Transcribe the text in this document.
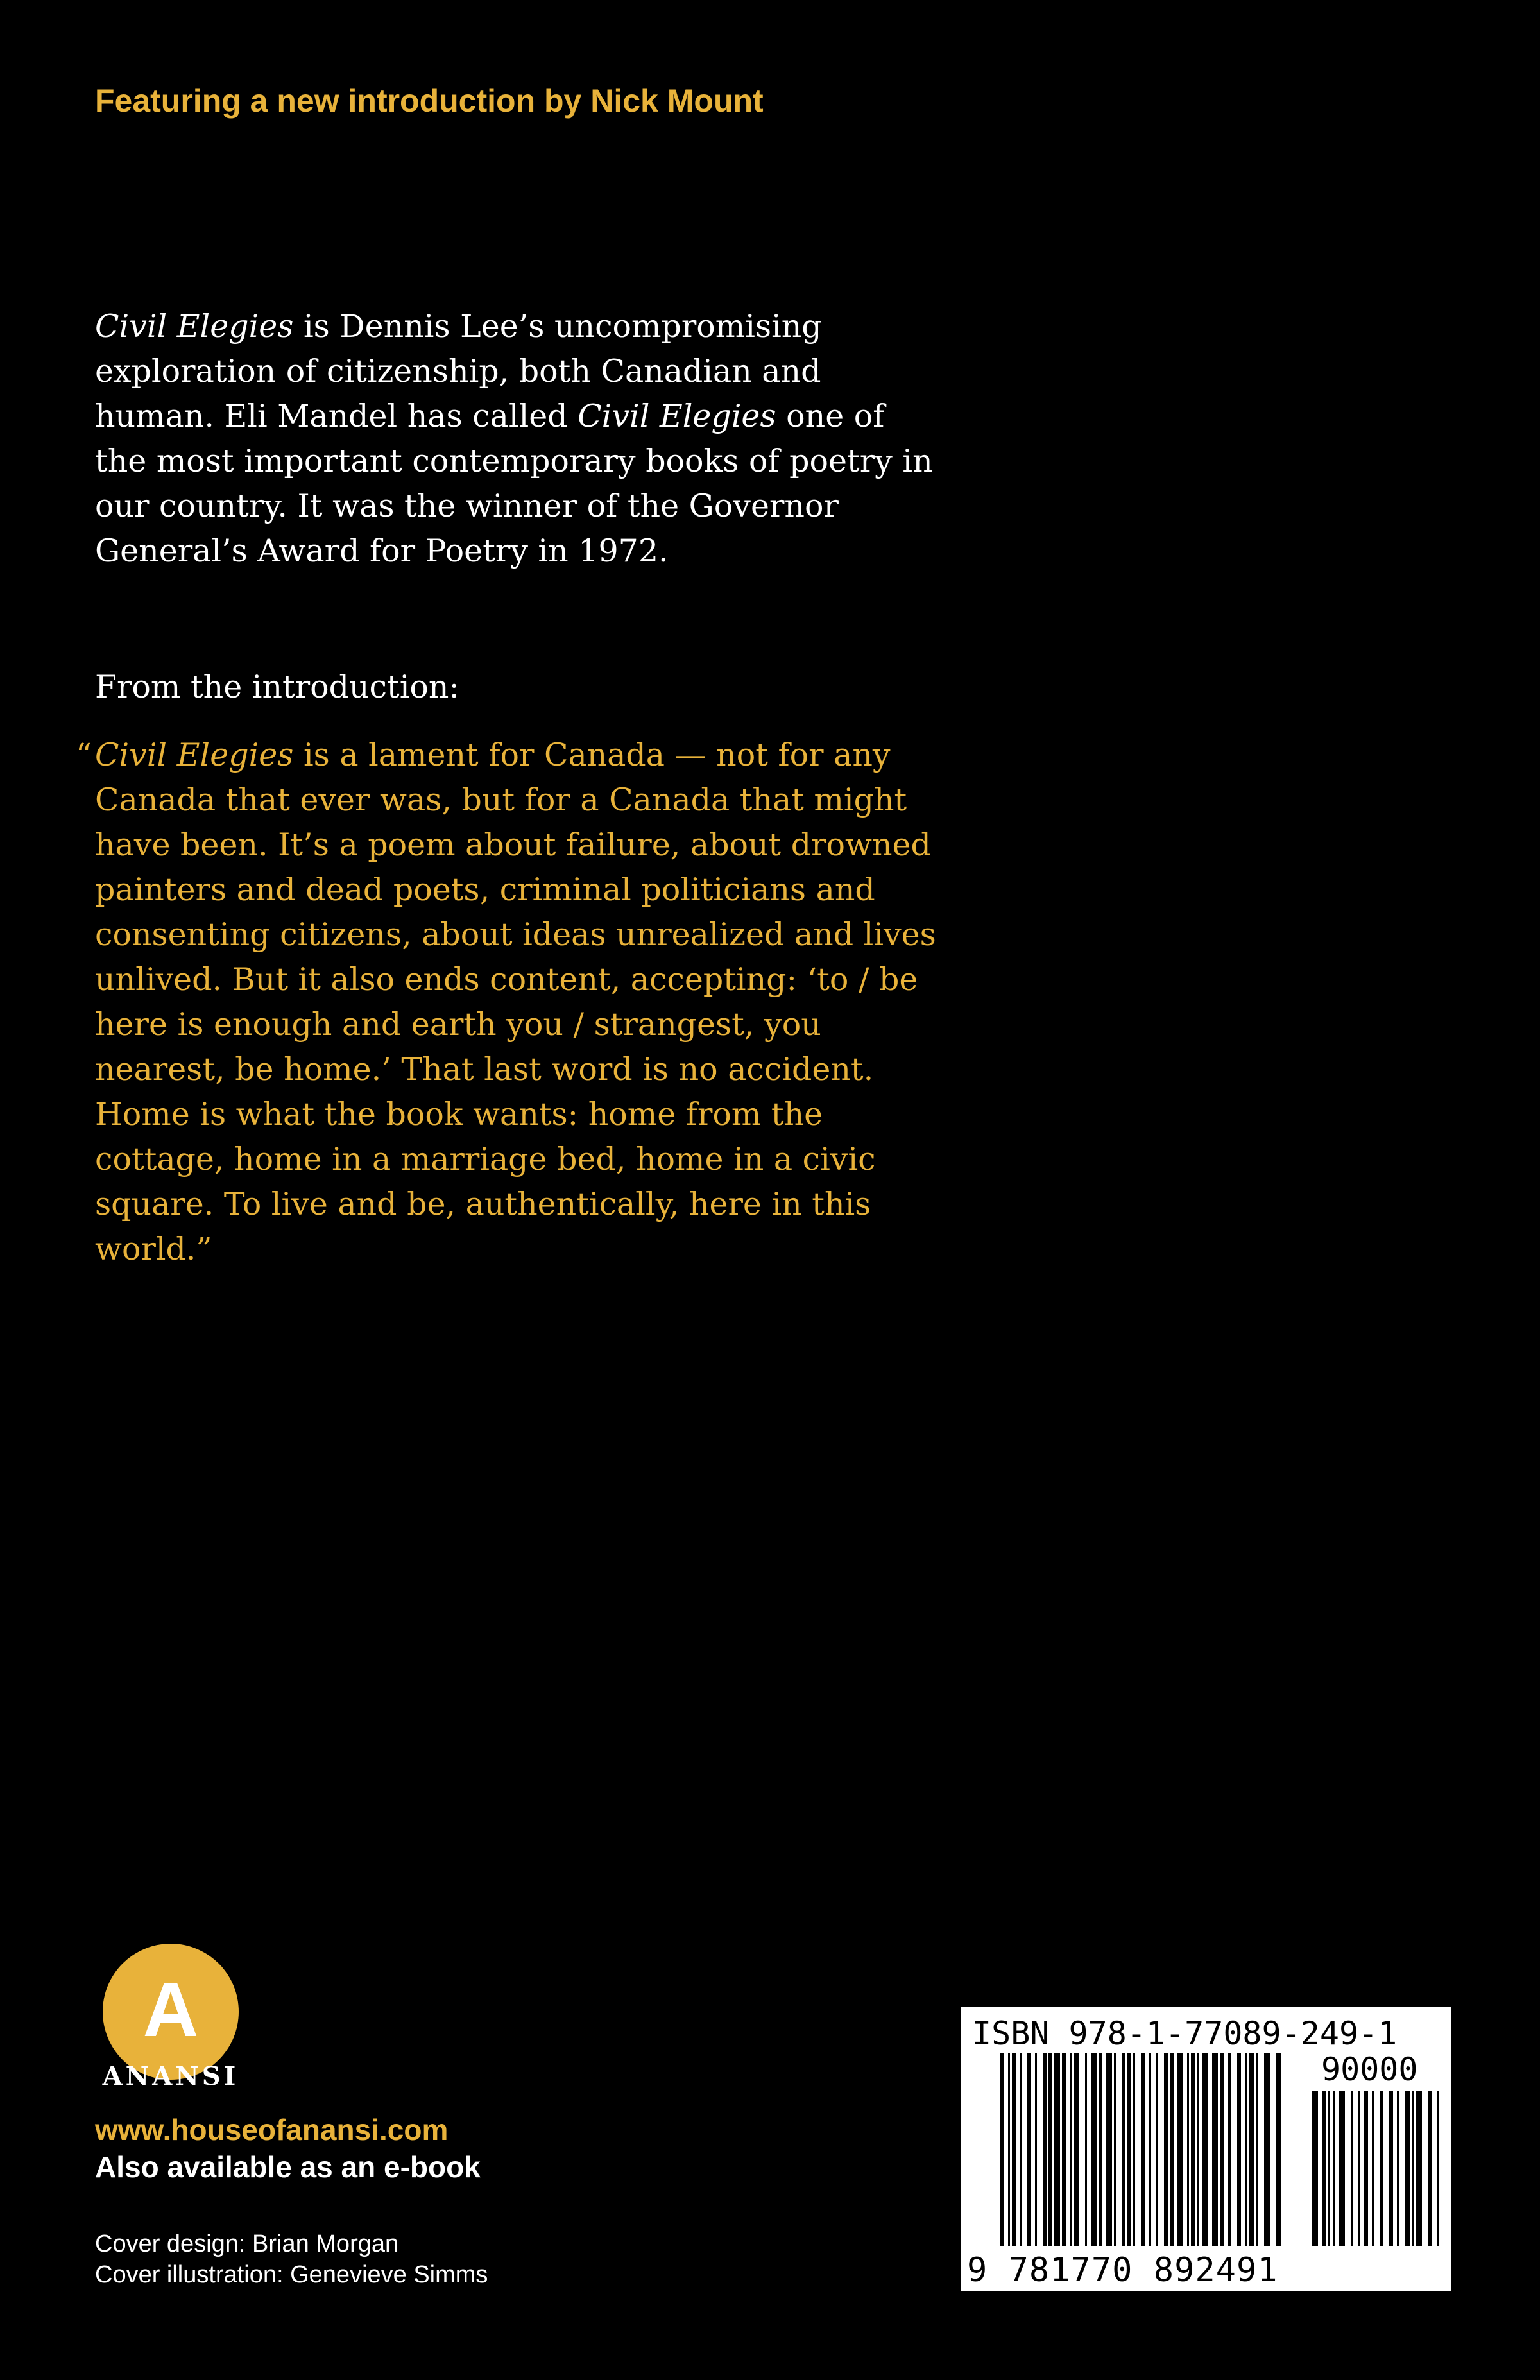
Featuring a new introduction by Nick Mount

Civil Elegies is Dennis Lee’s uncompromising exploration of citizenship, both Canadian and human. Eli Mandel has called Civil Elegies one of the most important contemporary books of poetry in our country. It was the winner of the Governor General’s Award for Poetry in 1972.

From the introduction:
“ Civil Elegies is a lament for Canada — not for any Canada that ever was, but for a Canada that might have been. It’s a poem about failure, about drowned painters and dead poets, criminal politicians and consenting citizens, about ideas unrealized and lives unlived. But it also ends content, accepting: ‘to / be here is enough and earth you / strangest, you nearest, be home.’ That last word is no accident. Home is what the book wants: home from the cottage, home in a marriage bed, home in a civic square. To live and be, authentically, here in this world.”
A
ANANSI
www.houseofanansi.com
Also available as an e-book
Cover design: Brian Morgan
Cover illustration: Genevieve Simms
ISBN 978-1-77089-249-1
90000
9 781770 892491
